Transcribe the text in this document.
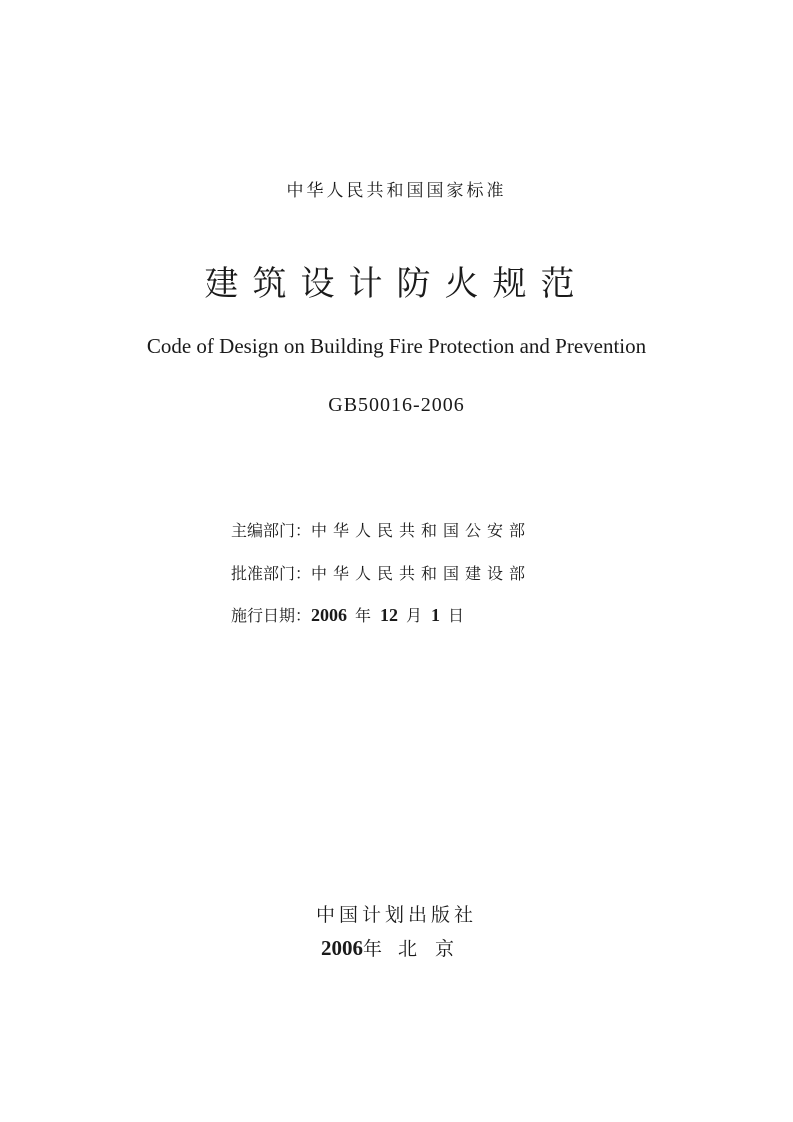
中华人民共和国国家标准
建筑设计防火规范
Code of Design on Building Fire Protection and Prevention
GB50016-2006
主编部门：中华人民共和国公安部
批准部门：中华人民共和国建设部
施行日期：2006 年 12 月 1 日
中国计划出版社
2006年 北京
